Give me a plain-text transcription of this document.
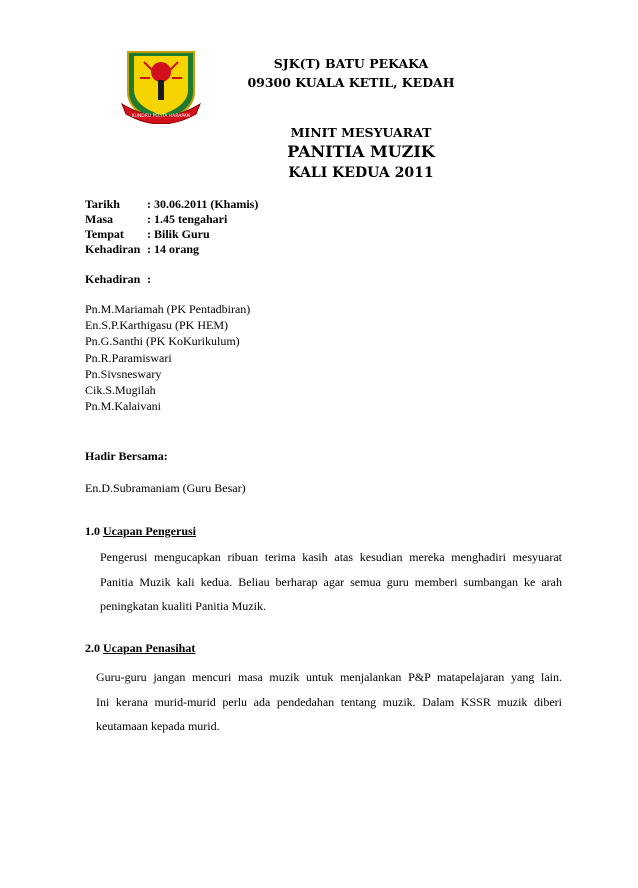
KUNDRU PELITA HARAPAN
SJK(T) BATU PEKAKA
09300 KUALA KETIL, KEDAH
MINIT MESYUARAT
PANITIA MUZIK
KALI KEDUA 2011
Tarikh	: 30.06.2011 (Khamis)
Masa	: 1.45 tengahari
Tempat	: Bilik Guru
Kehadiran : 14 orang
Kehadiran :
Pn.M.Mariamah (PK Pentadbiran)
En.S.P.Karthigasu (PK HEM)
Pn.G.Santhi (PK KoKurikulum)
Pn.R.Paramiswari
Pn.Sivsneswary
Cik.S.Mugilah
Pn.M.Kalaivani
Hadir Bersama:
En.D.Subramaniam (Guru Besar)
1.0 Ucapan Pengerusi
Pengerusi mengucapkan ribuan terima kasih atas kesudian mereka menghadiri mesyuarat
Panitia Muzik kali kedua. Beliau berharap agar semua guru memberi sumbangan ke arah
peningkatan kualiti Panitia Muzik.
2.0 Ucapan Penasihat
Guru-guru jangan mencuri masa muzik untuk menjalankan P&P matapelajaran yang lain.
Ini kerana murid-murid perlu ada pendedahan tentang muzik. Dalam KSSR muzik diberi
keutamaan kepada murid.
